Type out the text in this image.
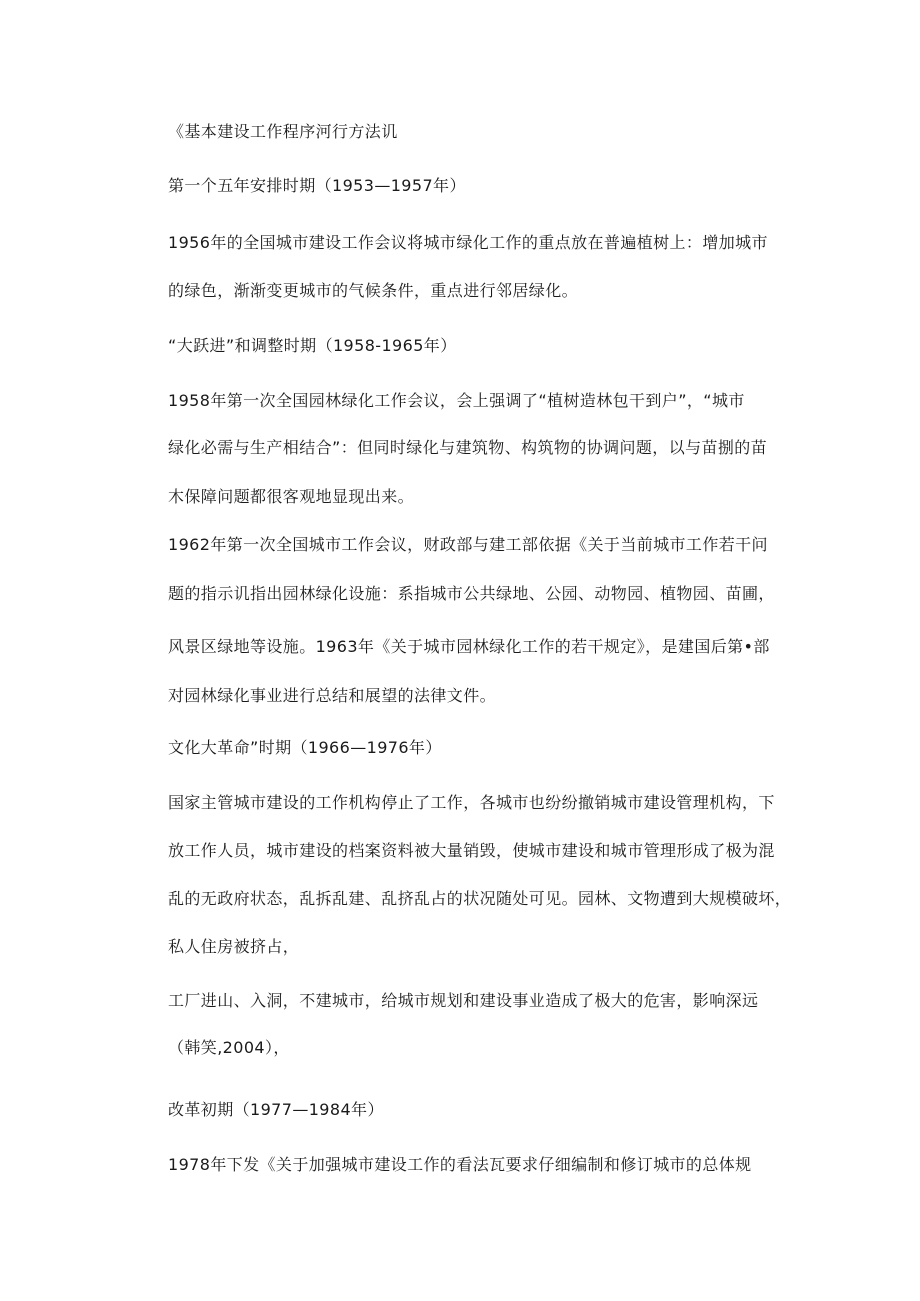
《基本建设工作程序河行方法讥
第一个五年安排时期（1953—1957年）
1956年的全国城市建设工作会议将城市绿化工作的重点放在普遍植树上：增加城市
的绿色，渐渐变更城市的气候条件，重点进行邻居绿化。
“大跃进”和调整时期（1958-1965年）
1958年第一次全国园林绿化工作会议，会上强调了“植树造林包干到户”，“城市
绿化必需与生产相结合”：但同时绿化与建筑物、构筑物的协调问题，以与苗捌的苗
木保障问题都很客观地显现出来。
1962年第一次全国城市工作会议，财政部与建工部依据《关于当前城市工作若干问
题的指示讥指出园林绿化设施：系指城市公共绿地、公园、动物园、植物园、苗圃，
风景区绿地等设施。1963年《关于城市园林绿化工作的若干规定》，是建国后第•部
对园林绿化事业进行总结和展望的法律文件。
文化大革命”时期（1966—1976年）
国家主管城市建设的工作机构停止了工作，各城市也纷纷撤销城市建设管理机构，下
放工作人员，城市建设的档案资料被大量销毁，使城市建设和城市管理形成了极为混
乱的无政府状态，乱拆乱建、乱挤乱占的状况随处可见。园林、文物遭到大规模破坏，
私人住房被挤占，
工厂进山、入洞，不建城市，给城市规划和建设事业造成了极大的危害，影响深远
（韩笑,2004），
改革初期（1977—1984年）
1978年下发《关于加强城市建设工作的看法瓦要求仔细编制和修订城市的总体规
